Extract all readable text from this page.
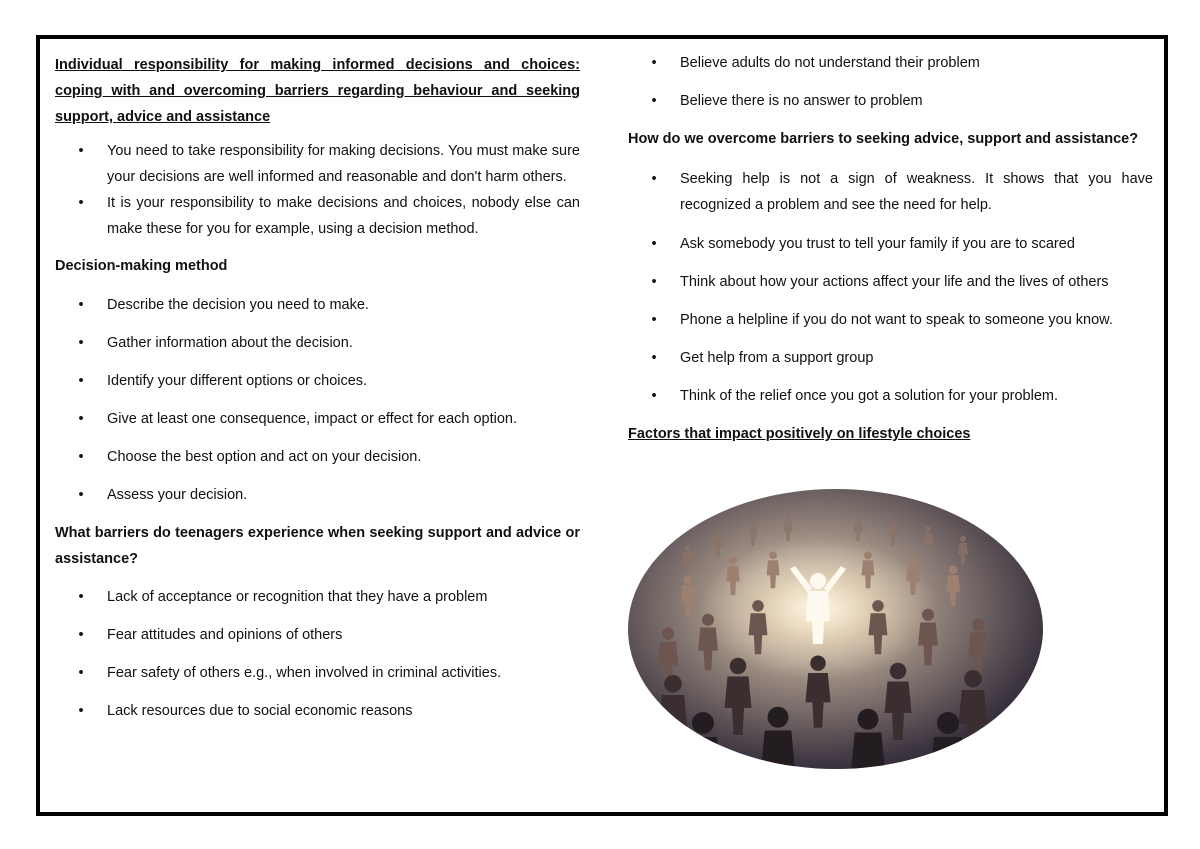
Individual responsibility for making informed decisions and choices: coping with and overcoming barriers regarding behaviour and seeking support, advice and assistance

•	You need to take responsibility for making decisions. You must make sure your decisions are well informed and reasonable and don't harm others.
•	It is your responsibility to make decisions and choices, nobody else can make these for you for example, using a decision method.

Decision-making method

•	Describe the decision you need to make.
•	Gather information about the decision.
•	Identify your different options or choices.
•	Give at least one consequence, impact or effect for each option.
•	Choose the best option and act on your decision.
•	Assess your decision.

What barriers do teenagers experience when seeking support and advice or assistance?

•	Lack of acceptance or recognition that they have a problem
•	Fear attitudes and opinions of others
•	Fear safety of others e.g., when involved in criminal activities.
•	Lack resources due to social economic reasons
•	Believe adults do not understand their problem
•	Believe there is no answer to problem

How do we overcome barriers to seeking advice, support and assistance?

•	Seeking help is not a sign of weakness. It shows that you have recognized a problem and see the need for help.
•	Ask somebody you trust to tell your family if you are to scared
•	Think about how your actions affect your life and the lives of others
•	Phone a helpline if you do not want to speak to someone you know.
•	Get help from a support group
•	Think of the relief once you got a solution for your problem.

Factors that impact positively on lifestyle choices
